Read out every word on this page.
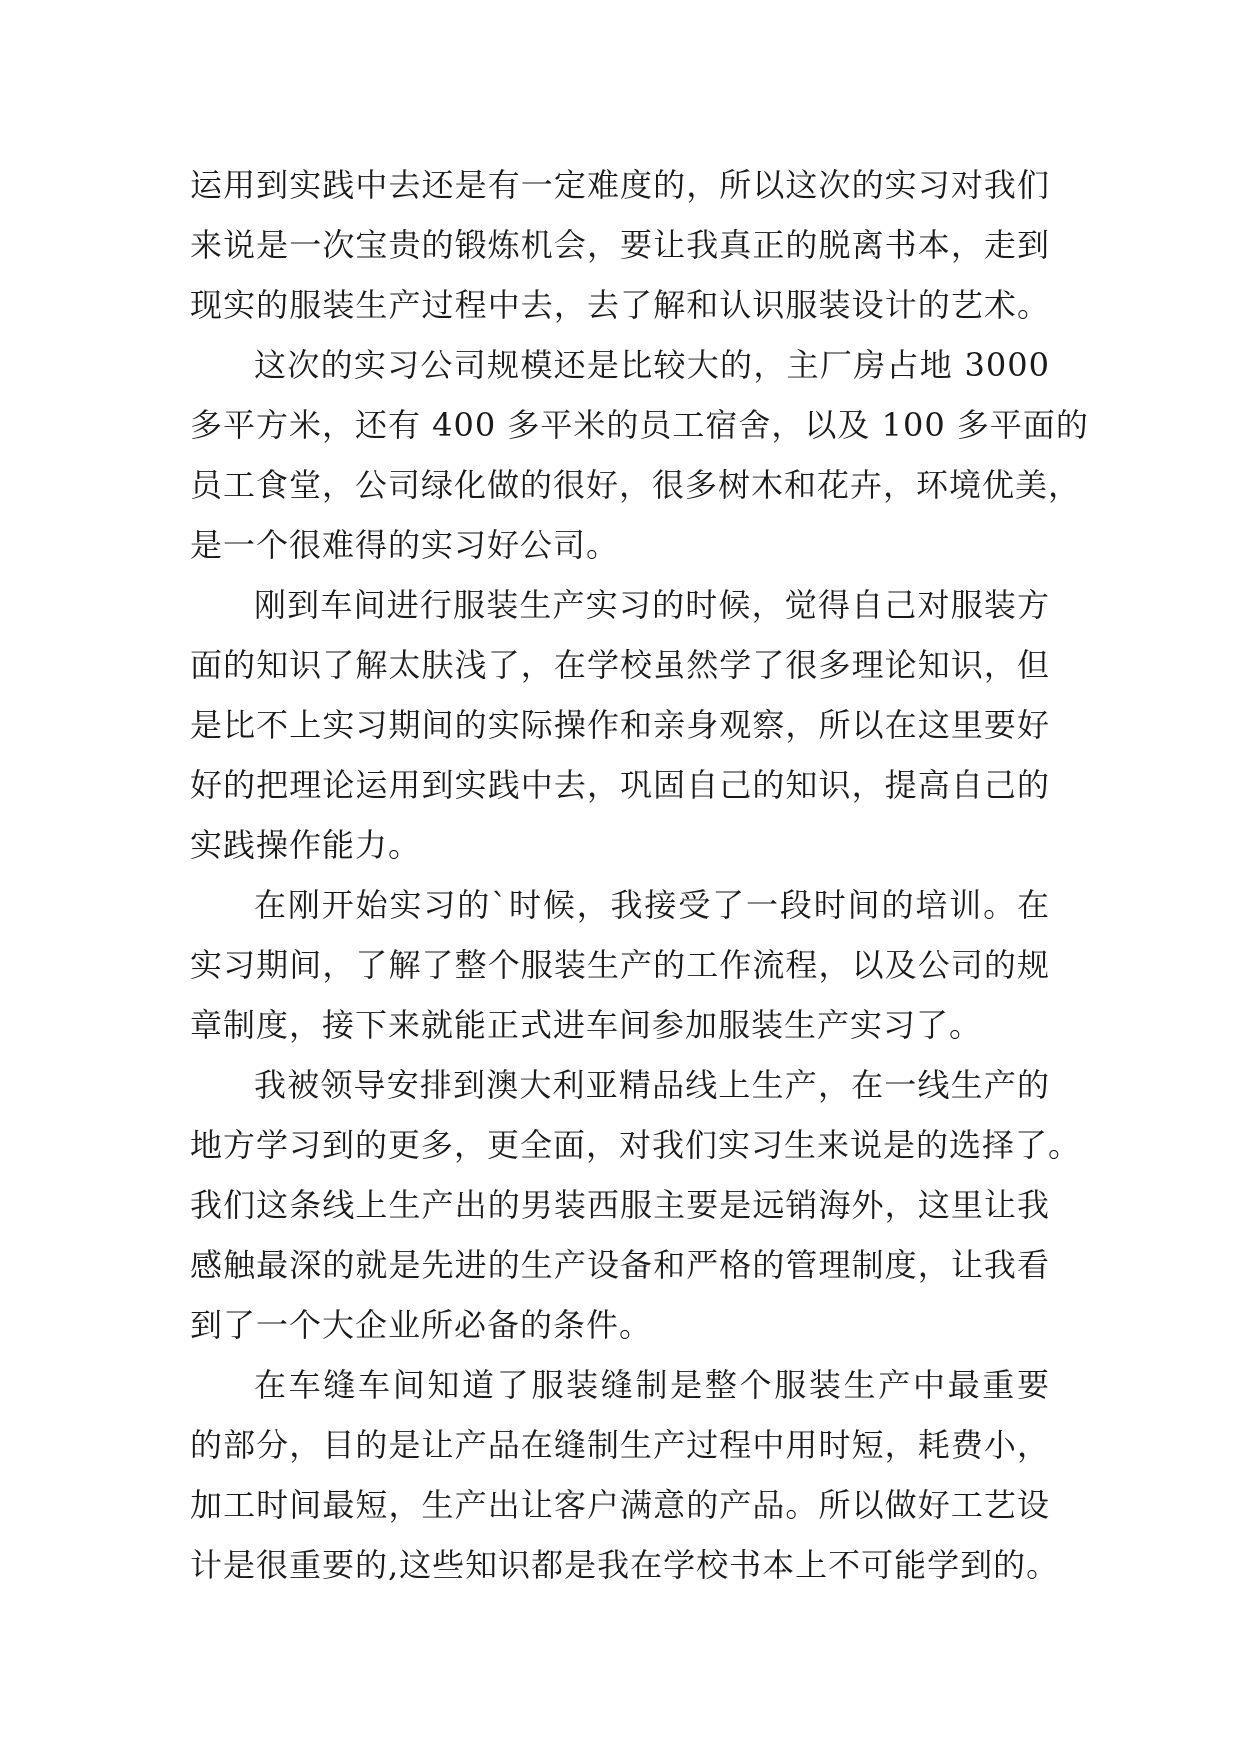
运用到实践中去还是有一定难度的，所以这次的实习对我们
来说是一次宝贵的锻炼机会，要让我真正的脱离书本，走到
现实的服装生产过程中去，去了解和认识服装设计的艺术。
这次的实习公司规模还是比较大的，主厂房占地 3000
多平方米，还有 400 多平米的员工宿舍，以及 100 多平面的
员工食堂，公司绿化做的很好，很多树木和花卉，环境优美，
是一个很难得的实习好公司。
刚到车间进行服装生产实习的时候，觉得自己对服装方
面的知识了解太肤浅了，在学校虽然学了很多理论知识，但
是比不上实习期间的实际操作和亲身观察，所以在这里要好
好的把理论运用到实践中去，巩固自己的知识，提高自己的
实践操作能力。
在刚开始实习的`时候，我接受了一段时间的培训。在
实习期间，了解了整个服装生产的工作流程，以及公司的规
章制度，接下来就能正式进车间参加服装生产实习了。
我被领导安排到澳大利亚精品线上生产，在一线生产的
地方学习到的更多，更全面，对我们实习生来说是的选择了。
我们这条线上生产出的男装西服主要是远销海外，这里让我
感触最深的就是先进的生产设备和严格的管理制度，让我看
到了一个大企业所必备的条件。
在车缝车间知道了服装缝制是整个服装生产中最重要
的部分，目的是让产品在缝制生产过程中用时短，耗费小，
加工时间最短，生产出让客户满意的产品。所以做好工艺设
计是很重要的,这些知识都是我在学校书本上不可能学到的。
